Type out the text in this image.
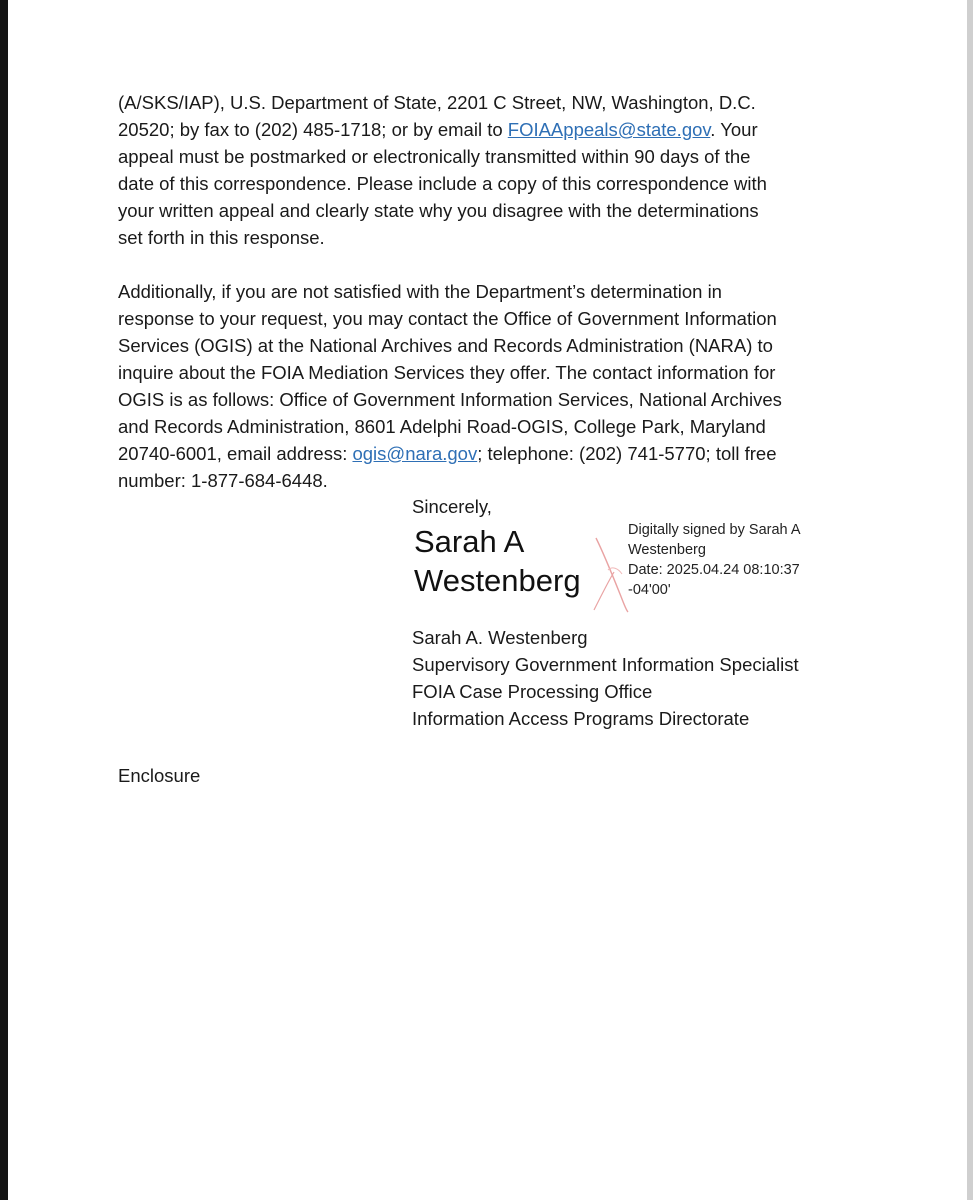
(A/SKS/IAP), U.S. Department of State, 2201 C Street, NW, Washington, D.C.

20520; by fax to (202) 485-1718; or by email to FOIAAppeals@state.gov. Your

appeal must be postmarked or electronically transmitted within 90 days of the

date of this correspondence. Please include a copy of this correspondence with

your written appeal and clearly state why you disagree with the determinations

set forth in this response.

Additionally, if you are not satisfied with the Department’s determination in

response to your request, you may contact the Office of Government Information

Services (OGIS) at the National Archives and Records Administration (NARA) to

inquire about the FOIA Mediation Services they offer. The contact information for

OGIS is as follows: Office of Government Information Services, National Archives

and Records Administration, 8601 Adelphi Road-OGIS, College Park, Maryland

20740-6001, email address: ogis@nara.gov; telephone: (202) 741-5770; toll free

number: 1-877-684-6448.

Sincerely,
Sarah A
Westenberg
Digitally signed by Sarah A
Westenberg
Date: 2025.04.24 08:10:37
-04'00'
Sarah A. Westenberg
Supervisory Government Information Specialist
FOIA Case Processing Office
Information Access Programs Directorate
Enclosure
